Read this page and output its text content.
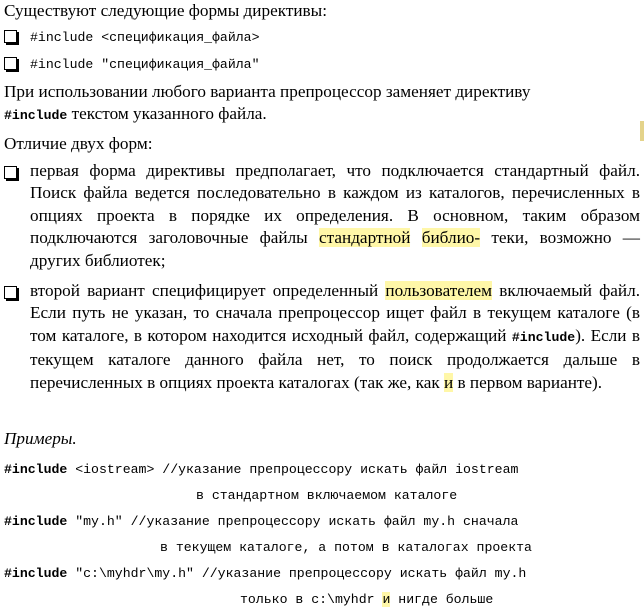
Существуют следующие формы директивы:
#include <спецификация_файла>
#include "спецификация_файла"
При использовании любого варианта препроцессор заменяет директиву
#include текстом указанного файла.
Отличие двух форм:
первая форма директивы предполагает, что подключается стандартный файл. Поиск файла ведется последовательно в каждом из каталогов, перечисленных в опциях проекта в порядке их определения. В основном, таким образом подключаются заголовочные файлы стандартной библио- теки, возможно — других библиотек;
второй вариант специфицирует определенный пользователем включаемый файл. Если путь не указан, то сначала препроцессор ищет файл в текущем каталоге (в том каталоге, в котором находится исходный файл, содержащий #include). Если в текущем каталоге данного файла нет, то поиск продолжается дальше в перечисленных в опциях проекта каталогах (так же, как и в первом варианте).
Примеры.
#include <iostream> //указание препроцессору искать файл iostream
в стандартном включаемом каталоге
#include "my.h" //указание препроцессору искать файл my.h сначала
в текущем каталоге, а потом в каталогах проекта
#include "c:\myhdr\my.h" //указание препроцессору искать файл my.h
только в c:\myhdr и нигде больше
